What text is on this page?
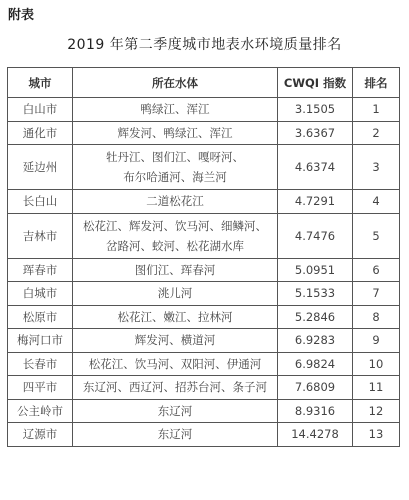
附表
2019 年第二季度城市地表水环境质量排名
城市	所在水体	CWQI 指数	排名
白山市	鸭绿江、浑江	3.1505	1
通化市	辉发河、鸭绿江、浑江	3.6367	2
延边州	牡丹江、图们江、嘎呀河、
布尔哈通河、海兰河	4.6374	3
长白山	二道松花江	4.7291	4
吉林市	松花江、辉发河、饮马河、细鳞河、
岔路河、蛟河、松花湖水库	4.7476	5
珲春市	图们江、珲春河	5.0951	6
白城市	洮儿河	5.1533	7
松原市	松花江、嫩江、拉林河	5.2846	8
梅河口市	辉发河、横道河	6.9283	9
长春市	松花江、饮马河、双阳河、伊通河	6.9824	10
四平市	东辽河、西辽河、招苏台河、条子河	7.6809	11
公主岭市	东辽河	8.9316	12
辽源市	东辽河	14.4278	13
